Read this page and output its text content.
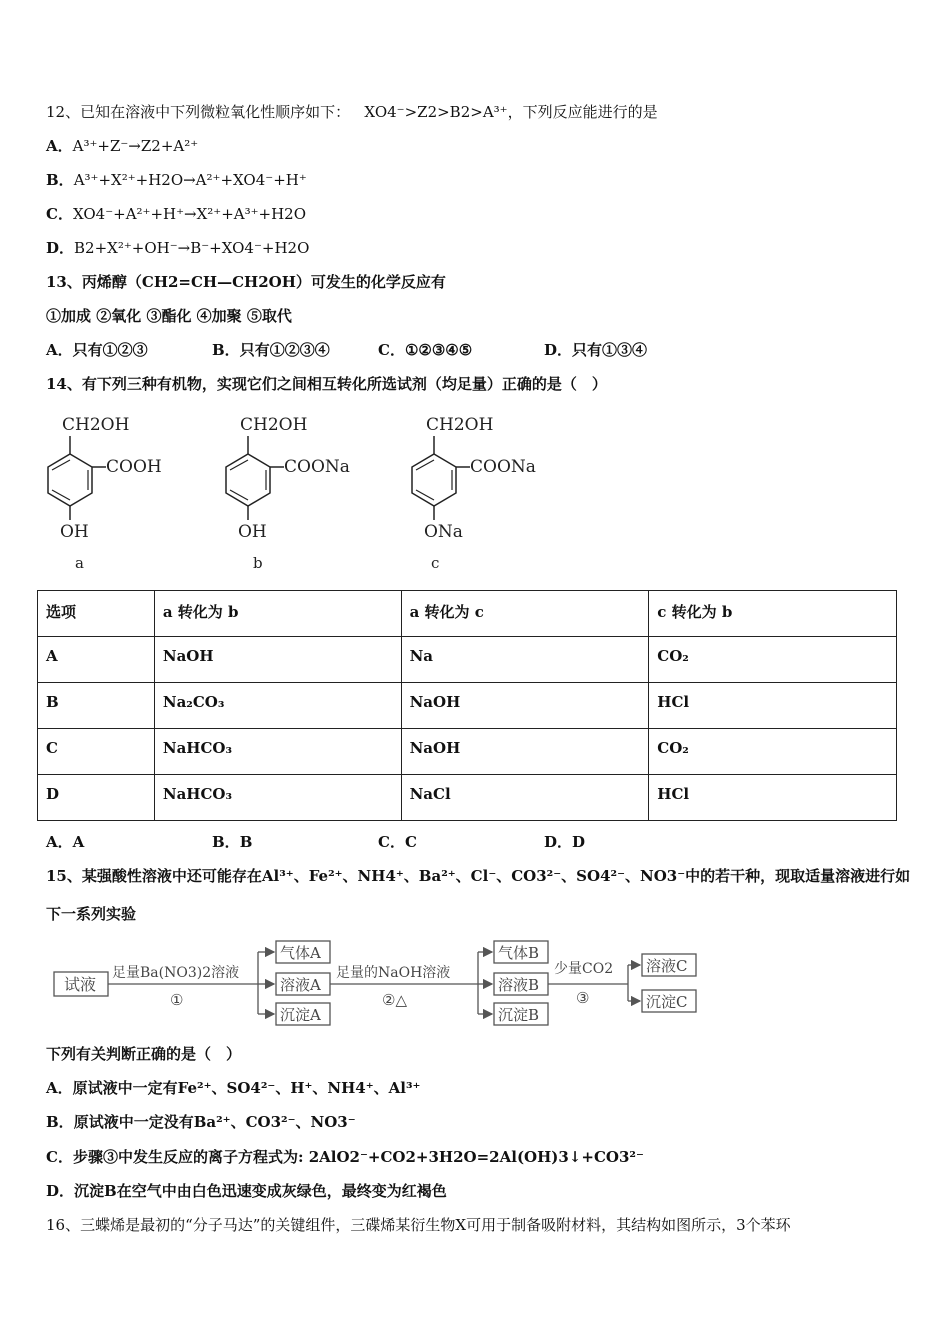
12、已知在溶液中下列微粒氧化性顺序如下： XO4⁻>Z2>B2>A³⁺，下列反应能进行的是
A．A³⁺+Z⁻→Z2+A²⁺
B．A³⁺+X²⁺+H2O→A²⁺+XO4⁻+H⁺
C．XO4⁻+A²⁺+H⁺→X²⁺+A³⁺+H2O
D．B2+X²⁺+OH⁻→B⁻+XO4⁻+H2O
13、丙烯醇（CH2=CH—CH2OH）可发生的化学反应有
①加成 ②氧化 ③酯化 ④加聚 ⑤取代
A．只有①②③	B．只有①②③④	C．①②③④⑤	D．只有①③④
14、有下列三种有机物，实现它们之间相互转化所选试剂（均足量）正确的是（　）
CH2OH
COOH
OH
a
CH2OH
COONa
OH
b
CH2OH
COONa
ONa
c
选项	a 转化为 b	a 转化为 c	c 转化为 b
A	NaOH	Na	CO₂
B	Na₂CO₃	NaOH	HCl
C	NaHCO₃	NaOH	CO₂
D	NaHCO₃	NaCl	HCl
A．A	B．B	C．C	D．D
15、某强酸性溶液中还可能存在Al³⁺、Fe²⁺、NH4⁺、Ba²⁺、Cl⁻、CO3²⁻、SO4²⁻、NO3⁻中的若干种，现取适量溶液进行如
下一系列实验
试液
足量Ba(NO3)2溶液
①
气体A
溶液A
沉淀A
足量的NaOH溶液
②△
气体B
溶液B
沉淀B
少量CO2
③
溶液C
沉淀C
下列有关判断正确的是（　）
A．原试液中一定有Fe²⁺、SO4²⁻、H⁺、NH4⁺、Al³⁺
B．原试液中一定没有Ba²⁺、CO3²⁻、NO3⁻
C．步骤③中发生反应的离子方程式为: 2AlO2⁻+CO2+3H2O=2Al(OH)3↓+CO3²⁻
D．沉淀B在空气中由白色迅速变成灰绿色，最终变为红褐色
16、三蝶烯是最初的“分子马达”的关键组件，三碟烯某衍生物X可用于制备吸附材料，其结构如图所示，3个苯环
